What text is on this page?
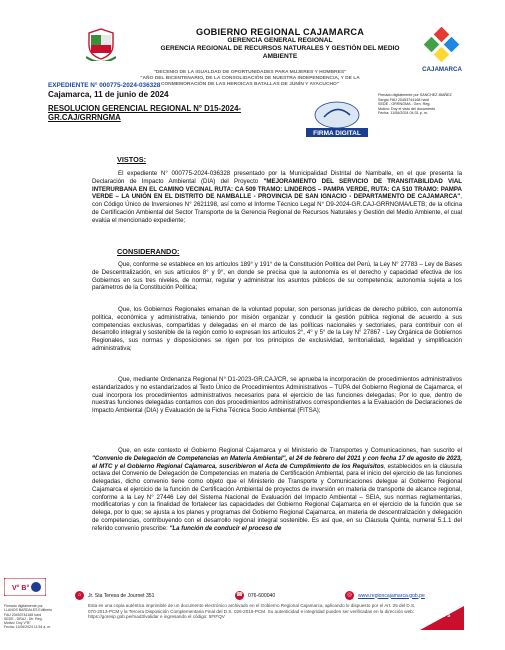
GOBIERNO REGIONAL CAJAMARCA
GERENCIA GENERAL REGIONAL
GERENCIA REGIONAL DE RECURSOS NATURALES Y GESTIÓN DEL MEDIO AMBIENTE
CAJAMARCA
"DECENIO DE LA IGUALDAD DE OPORTUNIDADES PARA MUJERES Y HOMBRES"
"AÑO DEL BICENTENARIO, DE LA CONSOLIDACIÓN DE NUESTRA INDEPENDENCIA, Y DE LA
CONMEMORACIÓN DE LAS HEROICAS BATALLAS DE JUNÍN Y AYACUCHO"
EXPEDIENTE N° 000775-2024-036328
Cajamarca, 11 de junio de 2024
RESOLUCION GERENCIAL REGIONAL N° D15-2024-GR.CAJ/GRRNGMA
FIRMA DIGITAL
Firmado digitalmente por SANCHEZ IBAÑEZ
Sergio FAU 20453744168 hard
SEDE - GRRNGMA - Gen. Reg.
Motivo: Doy el visto del documento
Fecha: 11/06/2024 04:31 p. m.
VISTOS:
El expediente N° 000775-2024-036328 presentado por la Municipalidad Distrital de Namballe, en el que presenta la Declaración de Impacto Ambiental (DIA) del Proyecto "MEJORAMIENTO DEL SERVICIO DE TRANSITABILIDAD VIAL INTERURBANA EN EL CAMINO VECINAL RUTA: CA 509 TRAMO: LINDEROS – PAMPA VERDE, RUTA: CA 510 TRAMO: PAMPA VERDE – LA UNIÓN EN EL DISTRITO DE NAMBALLE - PROVINCIA DE SAN IGNACIO - DEPARTAMENTO DE CAJAMARCA", con Código Único de Inversiones N° 2621198, así como el Informe Técnico Legal N° D9-2024-GR.CAJ-GRRNGMA/LETB; de la oficina de Certificación Ambiental del Sector Transporte de la Gerencia Regional de Recursos Naturales y Gestión del Medio Ambiente, el cual evalúa el mencionado expediente;
CONSIDERANDO:
Que, conforme se establece en los artículos 189° y 191° de la Constitución Política del Perú, la Ley N° 27783 – Ley de Bases de Descentralización, en sus artículos 8° y 9°, en donde se precisa que la autonomía es el derecho y capacidad efectiva de los Gobiernos en sus tres niveles, de normar, regular y administrar los asuntos públicos de su competencia; autonomía sujeta a los parámetros de la Constitución Política;
Que, los Gobiernos Regionales emanan de la voluntad popular, son personas jurídicas de derecho público, con autonomía política, económica y administrativa, teniendo por misión organizar y conducir la gestión pública regional de acuerdo a sus competencias exclusivas, compartidas y delegadas en el marco de las políticas nacionales y sectoriales, para contribuir con el desarrollo integral y sostenible de la región como lo expresan los artículos 2°, 4° y 5° de la Ley N° 27867 - Ley Orgánica de Gobiernos Regionales, sus normas y disposiciones se rigen por los principios de exclusividad, territorialidad, legalidad y simplificación administrativa;
Que, mediante Ordenanza Regional N° D1-2023-GR.CAJ/CR, se aprueba la incorporación de procedimientos administrativos estandarizados y no estandarizados al Texto Único de Procedimientos Administrativos – TUPA del Gobierno Regional de Cajamarca, el cual incorpora los procedimientos administrativos necesarios para el ejercicio de las funciones delegadas; Por lo que, dentro de nuestras funciones delegadas contamos con dos procedimientos administrativos correspondientes a la Evaluación de Declaraciones de Impacto Ambiental (DIA) y Evaluación de la Ficha Técnica Socio Ambiental (FITSA);
Que, en este contexto el Gobierno Regional Cajamarca y el Ministerio de Transportes y Comunicaciones, han suscrito el "Convenio de Delegación de Competencias en Materia Ambiental", el 24 de febrero del 2021 y con fecha 17 de agosto de 2023, el MTC y el Gobierno Regional Cajamarca, suscribieron el Acta de Cumplimiento de los Requisitos, establecidos en la cláusula octava del Convenio de Delegación de Competencias en materia de Certificación Ambiental, para el inicio del ejercicio de las funciones delegadas, dicho convenio tiene como objeto que el Ministerio de Transporte y Comunicaciones delegue al Gobierno Regional Cajamarca el ejercicio de la función de Certificación Ambiental de proyectos de inversión en materia de transporte de alcance regional, conforme a la Ley N° 27446 Ley del Sistema Nacional de Evaluación del Impacto Ambiental – SEIA, sus normas reglamentarias, modificatorias y con la finalidad de fortalecer las capacidades del Gobierno Regional Cajamarca en el ejercicio de la función que se delega, por lo que; se ajusta a los planes y programas del Gobierno Regional Cajamarca, en materia de descentralización y delegación de competencias, contribuyendo con el desarrollo regional integral sostenible. Es así que, en su Cláusula Quinta, numeral 5.1.1 del referido convenio prescribe: "La función de conducir el proceso de
V° B°
Firmado digitalmente por
LLANOS BARDALES Edilberto
FAU 20453744168 hard
SEDE - DRAJ - Dir. Reg.
Motivo: Doy V°B°
Fecha: 11/06/2024 11:54 a. m.
⌂	Jr. Sta Teresa de Journet 351	☎ 076-600040	◎	www.regioncajamarca.gob.pe
Esta es una copia auténtica imprimible de un documento electrónico archivado en el Gobierno Regional Cajamarca, aplicando lo dispuesto por el Art. 25 del D.S. 070-2013-PCM y la Tercera Disposición Complementaria Final del D.S. 026-2016-PCM. Su autenticidad e integridad pueden ser verificadas en la dirección web: https://goresp.gob.pe/mad3/validar e ingresando el código: 5FIFQV	Pág 1 / 5
